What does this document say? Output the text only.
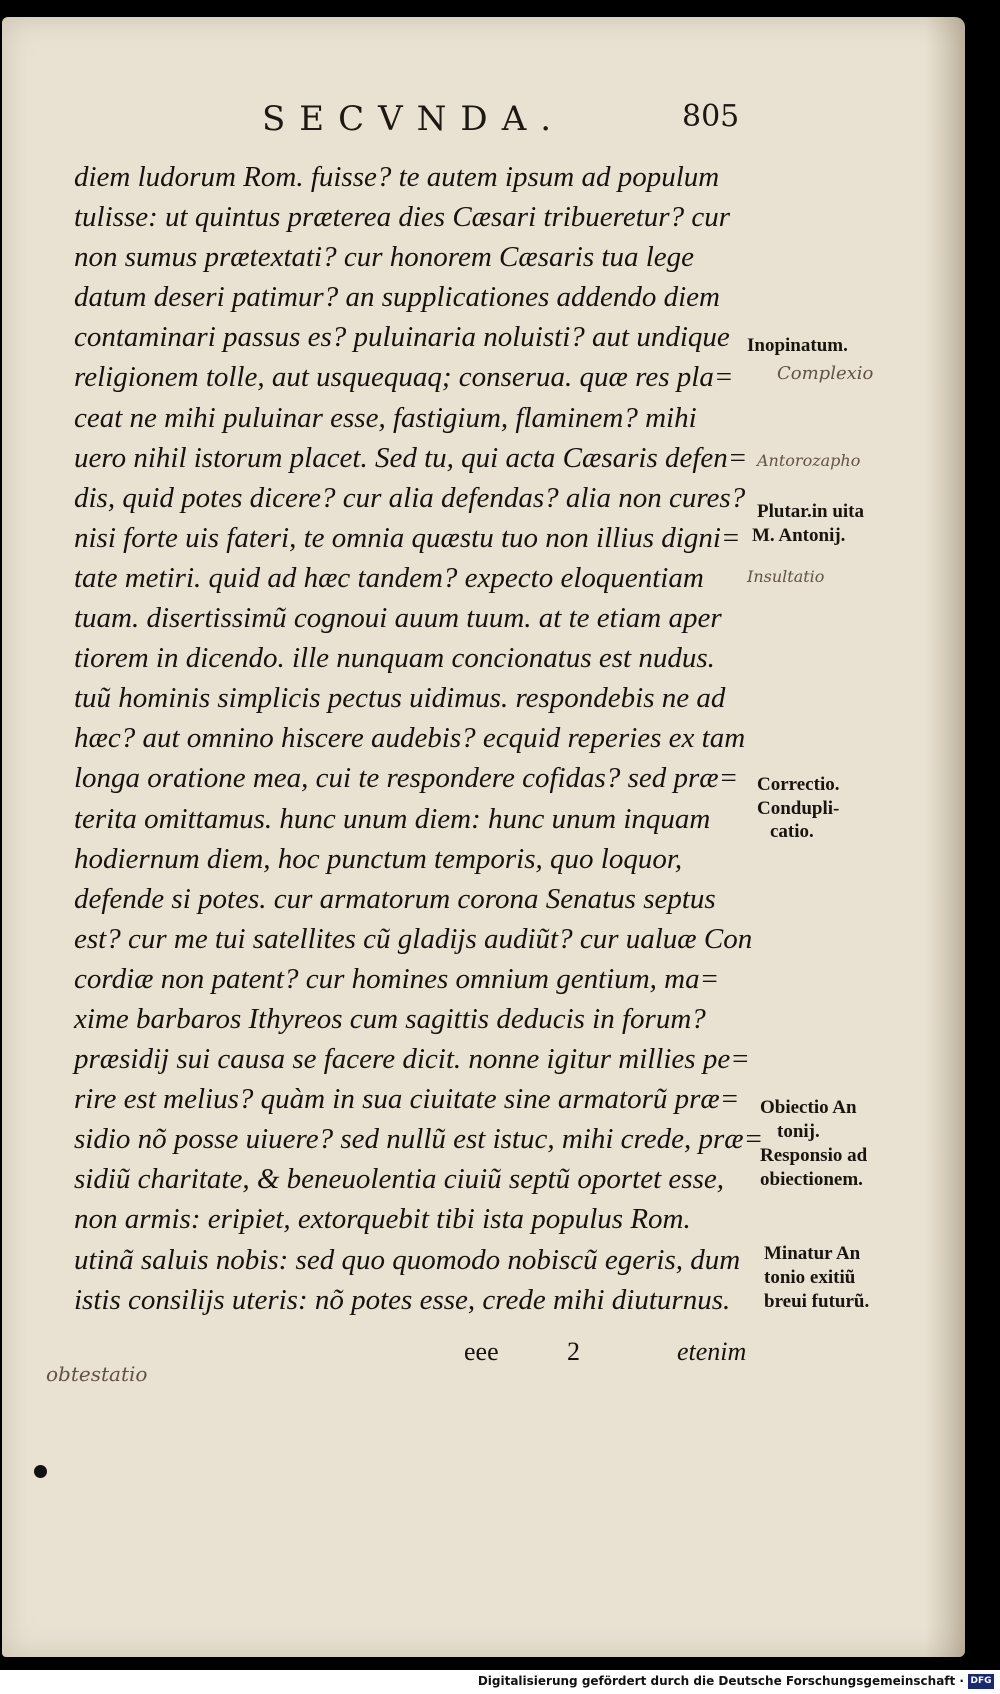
SECVNDA.	805
diem ludorum Rom. fuisse? te autem ipsum ad populum
tulisse: ut quintus præterea dies Cæsari tribueretur? cur
non sumus prætextati? cur honorem Cæsaris tua lege
datum deseri patimur? an supplicationes addendo diem
contaminari passus es? puluinaria noluisti? aut undique
religionem tolle, aut usquequaq; conserua. quæ res pla=
ceat ne mihi puluinar esse, fastigium, flaminem? mihi
uero nihil istorum placet. Sed tu, qui acta Cæsaris defen=
dis, quid potes dicere? cur alia defendas? alia non cures?
nisi forte uis fateri, te omnia quæstu tuo non illius digni=
tate metiri. quid ad hæc tandem? expecto eloquentiam
tuam. disertissimũ cognoui auum tuum. at te etiam aper
tiorem in dicendo. ille nunquam concionatus est nudus.
tuũ hominis simplicis pectus uidimus. respondebis ne ad
hæc? aut omnino hiscere audebis? ecquid reperies ex tam
longa oratione mea, cui te respondere cofidas? sed præ=
terita omittamus. hunc unum diem: hunc unum inquam
hodiernum diem, hoc punctum temporis, quo loquor,
defende si potes. cur armatorum corona Senatus septus
est? cur me tui satellites cũ gladijs audiũt? cur ualuæ Con
cordiæ non patent? cur homines omnium gentium, ma=
xime barbaros Ithyreos cum sagittis deducis in forum?
præsidij sui causa se facere dicit. nonne igitur millies pe=
rire est melius? quàm in sua ciuitate sine armatorũ præ=
sidio nõ posse uiuere? sed nullũ est istuc, mihi crede, præ=
sidiũ charitate, & beneuolentia ciuiũ septũ oportet esse,
non armis: eripiet, extorquebit tibi ista populus Rom.
utinã saluis nobis: sed quo quomodo nobiscũ egeris, dum
istis consilijs uteris: nõ potes esse, crede mihi diuturnus.
Inopinatum.
Plutar.in uita
M. Antonij.
Correctio.
Condupli-
catio.
Obiectio An
tonij.
Responsio ad
obiectionem.
Minatur An
tonio exitiũ
breui futurũ.
Complexio
Antorozapho
Insultatio
obtestatio
eee	2	etenim
Digitalisierung gefördert durch die Deutsche Forschungsgemeinschaft · DFG
